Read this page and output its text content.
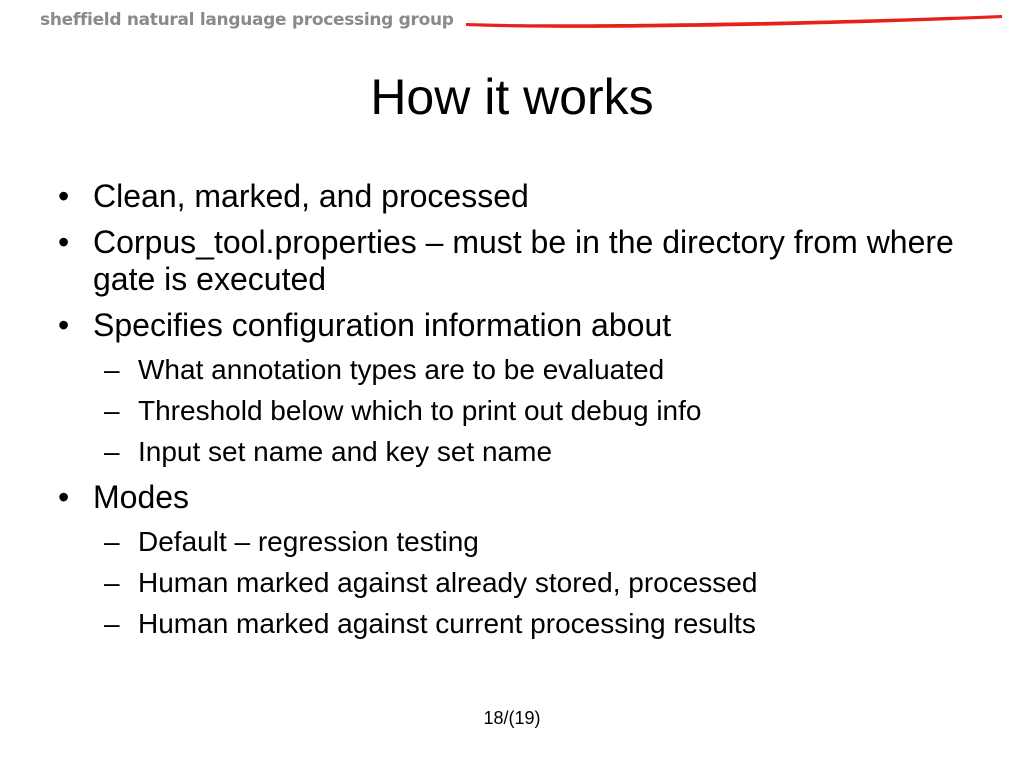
sheffield natural language processing group
How it works
• Clean, marked, and processed
• Corpus_tool.properties – must be in the directory from where gate is executed
• Specifies configuration information about
– What annotation types are to be evaluated
– Threshold below which to print out debug info
– Input set name and key set name
• Modes
– Default – regression testing
– Human marked against already stored, processed
– Human marked against current processing results
18/(19)
